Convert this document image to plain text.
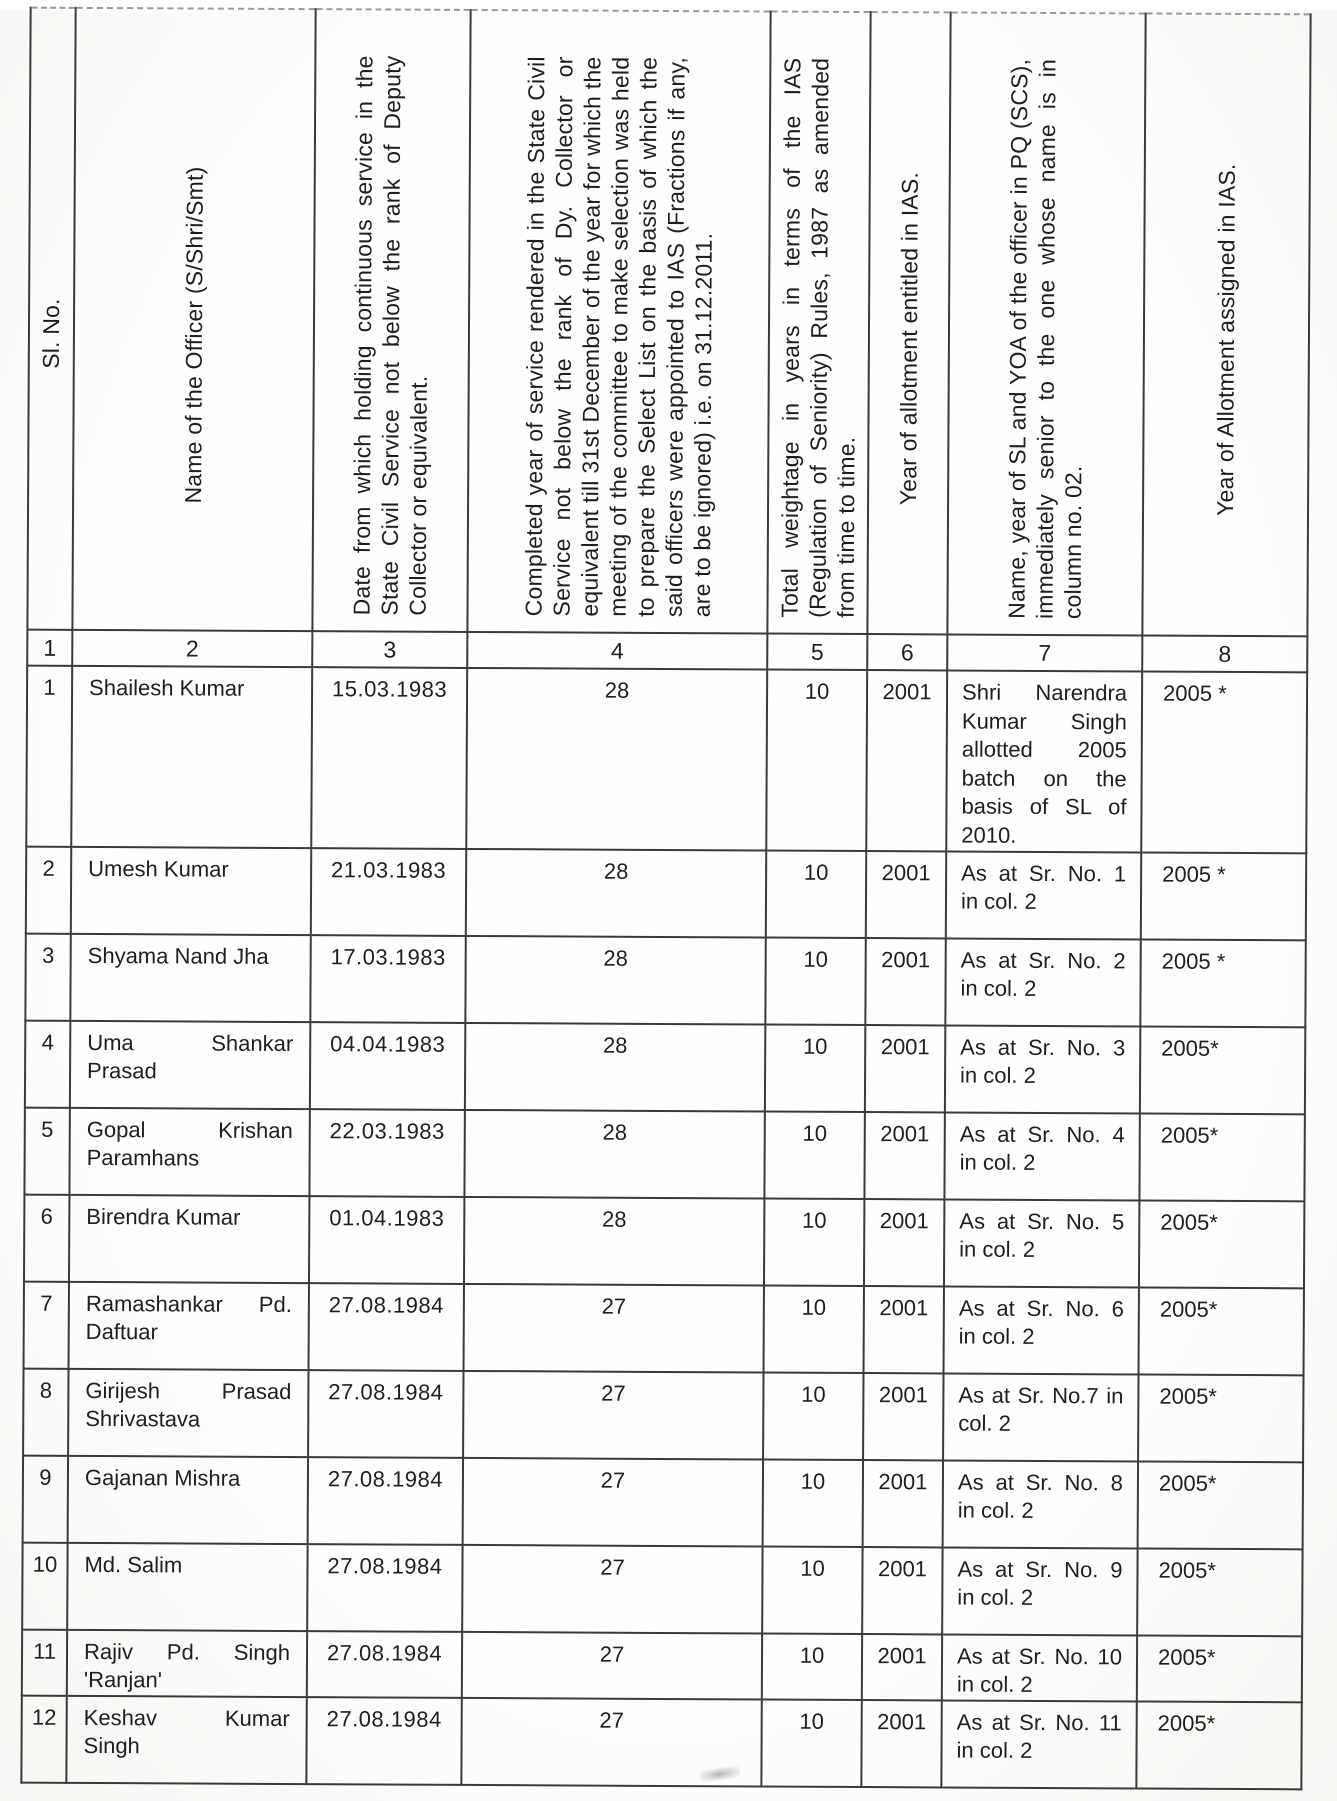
Sl. No.	Name of the Officer (S/Shri/Smt)	Date from which holding continuous service in the State Civil Service not below the rank of Deputy Collector or equivalent.	Completed year of service rendered in the State Civil Service not below the rank of Dy. Collector or equivalent till 31st December of the year for which the meeting of the committee to make selection was held to prepare the Select List on the basis of which the said officers were appointed to IAS (Fractions if any, are to be ignored) i.e. on 31.12.2011.	Total weightage in years in terms of the IAS (Regulation of Seniority) Rules, 1987 as amended from time to time.	Year of allotment entitled in IAS.	Name, year of SL and YOA of the officer in PQ (SCS), immediately senior to the one whose name is in column no. 02.	Year of Allotment assigned in IAS.
1	2	3	4	5	6	7	8
1	Shailesh Kumar	15.03.1983	28	10	2001	Shri Narendra Kumar Singh allotted 2005 batch on the basis of SL of 2010.	2005 *
2	Umesh Kumar	21.03.1983	28	10	2001	As at Sr. No. 1 in col. 2	2005 *
3	Shyama Nand Jha	17.03.1983	28	10	2001	As at Sr. No. 2 in col. 2	2005 *
4	Uma Shankar Prasad	04.04.1983	28	10	2001	As at Sr. No. 3 in col. 2	2005*
5	Gopal Krishan Paramhans	22.03.1983	28	10	2001	As at Sr. No. 4 in col. 2	2005*
6	Birendra Kumar	01.04.1983	28	10	2001	As at Sr. No. 5 in col. 2	2005*
7	Ramashankar Pd. Daftuar	27.08.1984	27	10	2001	As at Sr. No. 6 in col. 2	2005*
8	Girijesh Prasad Shrivastava	27.08.1984	27	10	2001	As at Sr. No.7 in col. 2	2005*
9	Gajanan Mishra	27.08.1984	27	10	2001	As at Sr. No. 8 in col. 2	2005*
10	Md. Salim	27.08.1984	27	10	2001	As at Sr. No. 9 in col. 2	2005*
11	Rajiv Pd. Singh 'Ranjan'	27.08.1984	27	10	2001	As at Sr. No. 10 in col. 2	2005*
12	Keshav Kumar Singh	27.08.1984	27	10	2001	As at Sr. No. 11 in col. 2	2005*
